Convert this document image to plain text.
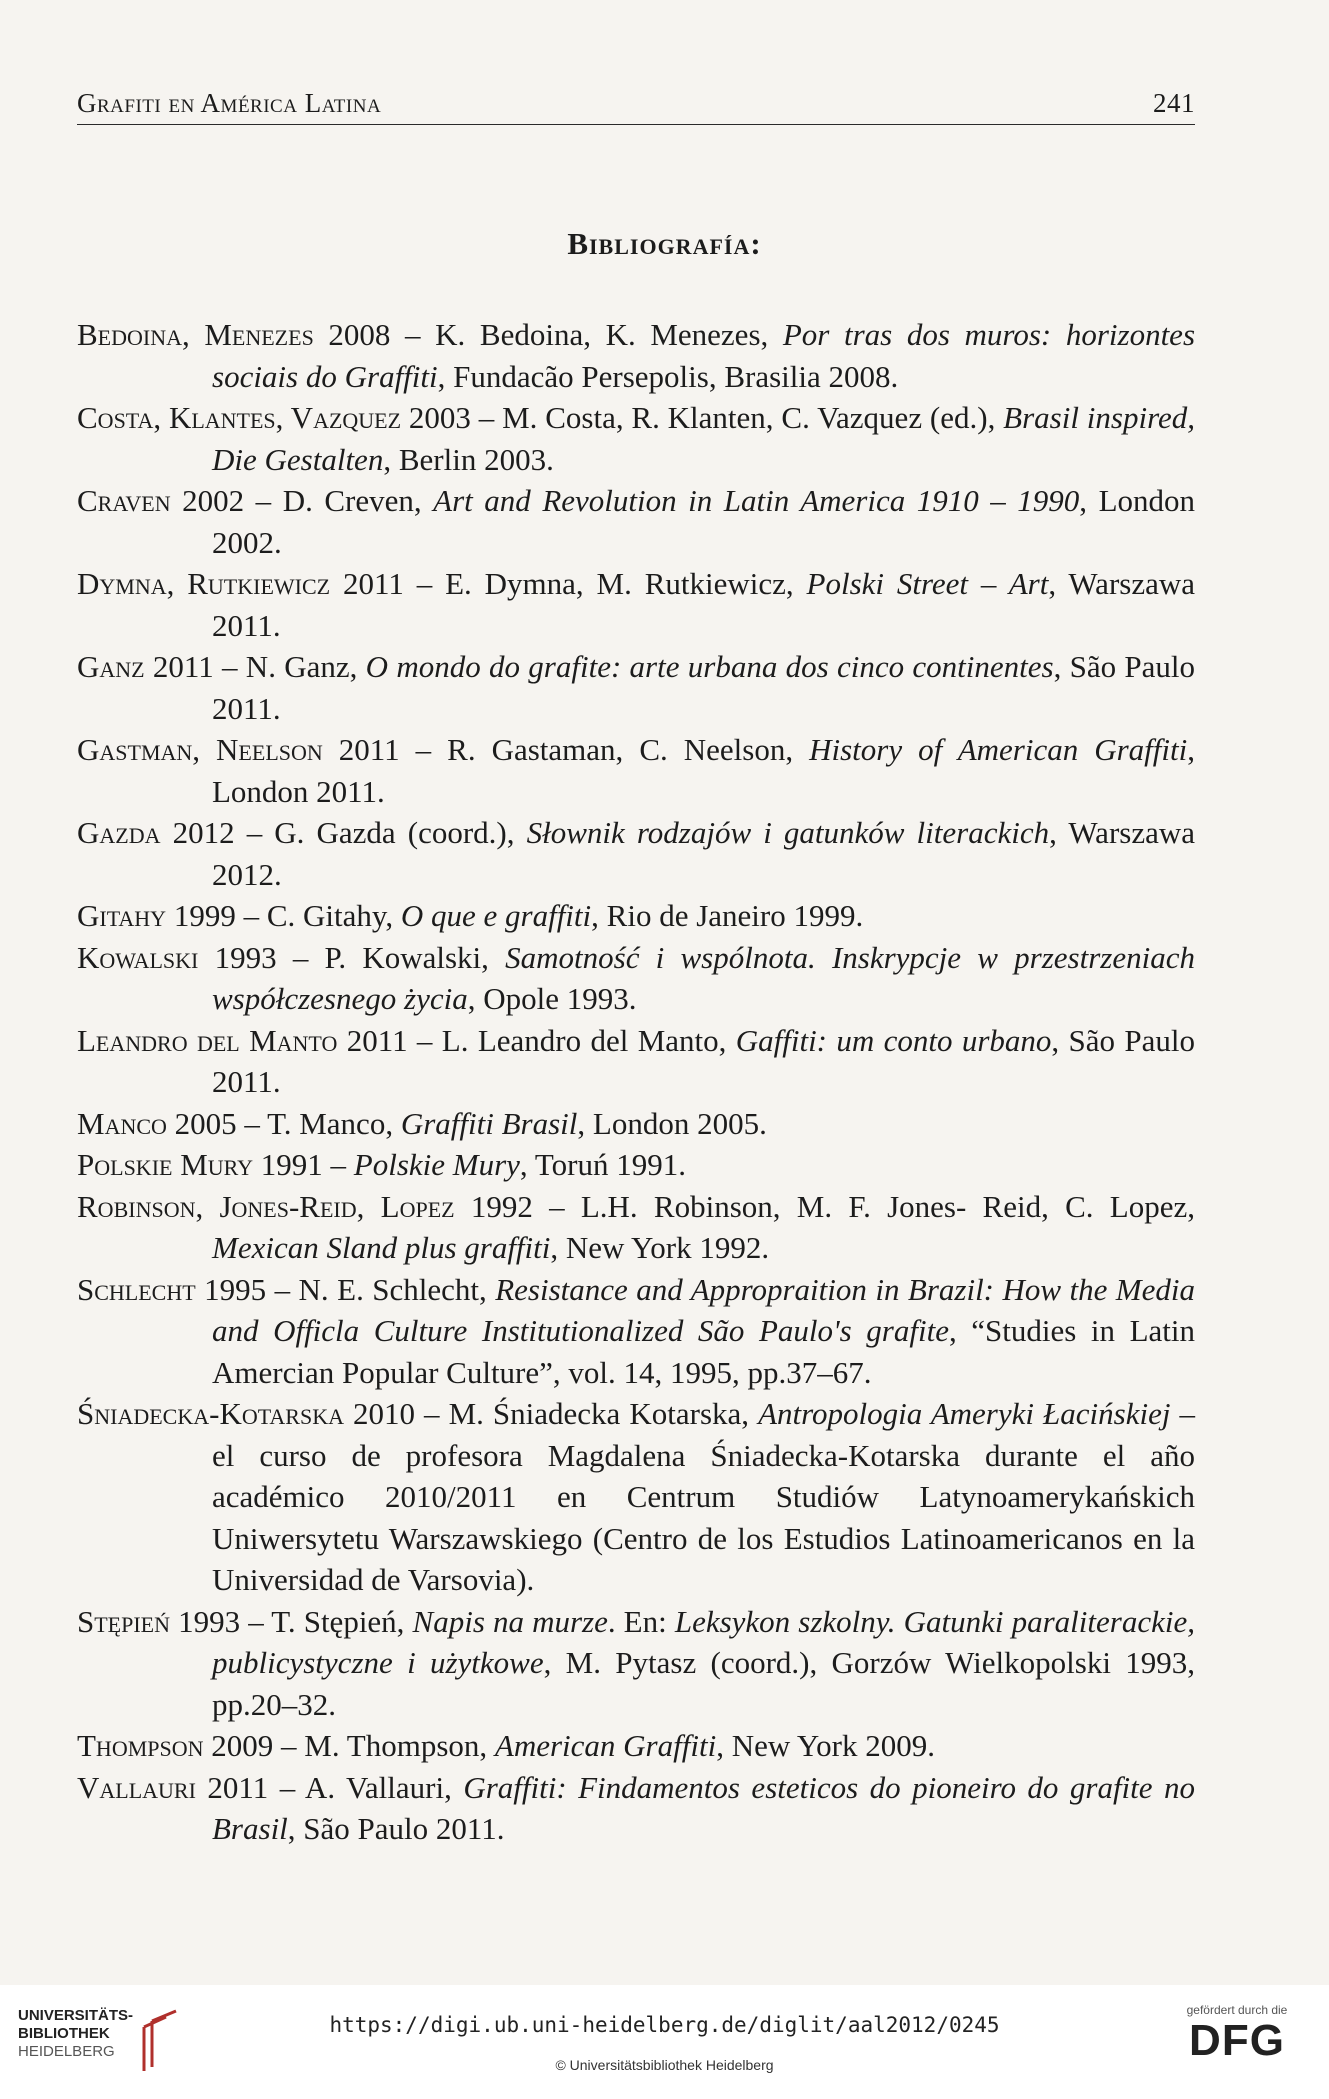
Grafiti en América Latina	241
Bibliografía:

Bedoina, Menezes 2008 – K. Bedoina, K. Menezes, Por tras dos muros: horizontes sociais do Graffiti, Fundacão Persepolis, Brasilia 2008.

Costa, Klantes, Vazquez 2003 – M. Costa, R. Klanten, C. Vazquez (ed.), Brasil inspired, Die Gestalten, Berlin 2003.

Craven 2002 – D. Creven, Art and Revolution in Latin America 1910 – 1990, London 2002.

Dymna, Rutkiewicz 2011 – E. Dymna, M. Rutkiewicz, Polski Street – Art, Warszawa 2011.

Ganz 2011 – N. Ganz, O mondo do grafite: arte urbana dos cinco continentes, São Paulo 2011.

Gastman, Neelson 2011 – R. Gastaman, C. Neelson, History of American Graffiti, London 2011.

Gazda 2012 – G. Gazda (coord.), Słownik rodzajów i gatunków literackich, Warszawa 2012.

Gitahy 1999 – C. Gitahy, O que e graffiti, Rio de Janeiro 1999.

Kowalski 1993 – P. Kowalski, Samotność i wspólnota. Inskrypcje w przestrzeniach współczesnego życia, Opole 1993.

Leandro del Manto 2011 – L. Leandro del Manto, Gaffiti: um conto urbano, São Paulo 2011.

Manco 2005 – T. Manco, Graffiti Brasil, London 2005.

Polskie Mury 1991 – Polskie Mury, Toruń 1991.

Robinson, Jones-Reid, Lopez 1992 – L.H. Robinson, M. F. Jones- Reid, C. Lopez, Mexican Sland plus graffiti, New York 1992.

Schlecht 1995 – N. E. Schlecht, Resistance and Appropraition in Brazil: How the Media and Officla Culture Institutionalized São Paulo's grafite, “Studies in Latin Amercian Popular Culture”, vol. 14, 1995, pp.37–67.

Śniadecka-Kotarska 2010 – M. Śniadecka Kotarska, Antropologia Ameryki Łacińskiej – el curso de profesora Magdalena Śniadecka-Kotarska durante el año académico 2010/2011 en Centrum Studiów Latynoamerykańskich Uniwersytetu Warszawskiego (Centro de los Estudios Latinoamericanos en la Universidad de Varsovia).

Stępień 1993 – T. Stępień, Napis na murze. En: Leksykon szkolny. Gatunki paraliterackie, publicystyczne i użytkowe, M. Pytasz (coord.), Gorzów Wielkopolski 1993, pp.20–32.

Thompson 2009 – M. Thompson, American Graffiti, New York 2009.

Vallauri 2011 – A. Vallauri, Graffiti: Findamentos esteticos do pioneiro do grafite no Brasil, São Paulo 2011.

UNIVERSITÄTS-
BIBLIOTHEK
HEIDELBERG
https://digi.ub.uni-heidelberg.de/diglit/aal2012/0245
© Universitätsbibliothek Heidelberg
gefördert durch die
DFG
